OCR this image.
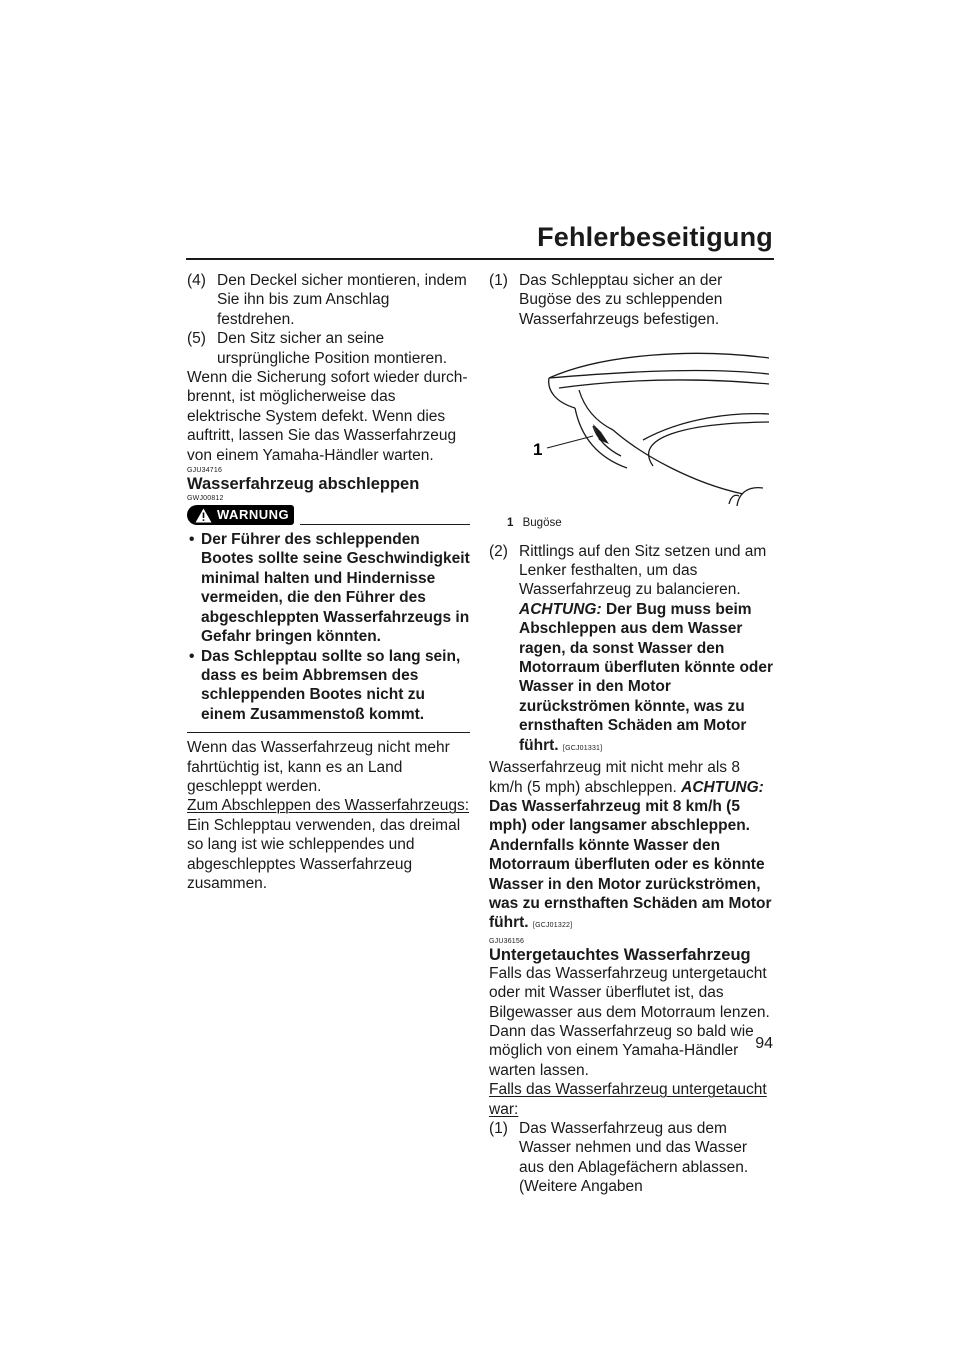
Fehlerbeseitigung
(4) Den Deckel sicher montieren, indem Sie ihn bis zum Anschlag festdrehen.
(5) Den Sitz sicher an seine ursprüngliche Position montieren.

Wenn die Sicherung sofort wieder durchbrennt, ist möglicherweise das elektrische System defekt. Wenn dies auftritt, lassen Sie das Wasserfahrzeug von einem Yamaha-Händler warten.

GJU34716
Wasserfahrzeug abschleppen
GWJ00812
WARNUNG
• Der Führer des schleppenden Bootes sollte seine Geschwindigkeit minimal halten und Hindernisse vermeiden, die den Führer des abgeschleppten Wasserfahrzeugs in Gefahr bringen könnten.
• Das Schlepptau sollte so lang sein, dass es beim Abbremsen des schleppenden Bootes nicht zu einem Zusammenstoß kommt.

Wenn das Wasserfahrzeug nicht mehr fahrtüchtig ist, kann es an Land geschleppt werden.

Zum Abschleppen des Wasserfahrzeugs:

Ein Schlepptau verwenden, das dreimal so lang ist wie schleppendes und abgeschlepptes Wasserfahrzeug zusammen.

(1) Das Schlepptau sicher an der Bugöse des zu schleppenden Wasserfahrzeugs befestigen.
1
1 Bugöse
(2) Rittlings auf den Sitz setzen und am Lenker festhalten, um das Wasserfahrzeug zu balancieren. ACHTUNG: Der Bug muss beim Abschleppen aus dem Wasser ragen, da sonst Wasser den Motorraum überfluten könnte oder Wasser in den Motor zurückströmen könnte, was zu ernsthaften Schäden am Motor führt. [GCJ01331]

Wasserfahrzeug mit nicht mehr als 8 km/h (5 mph) abschleppen. ACHTUNG: Das Wasserfahrzeug mit 8 km/h (5 mph) oder langsamer abschleppen. Andernfalls könnte Wasser den Motorraum überfluten oder es könnte Wasser in den Motor zurückströmen, was zu ernsthaften Schäden am Motor führt. [GCJ01322]

GJU36156
Untergetauchtes Wasserfahrzeug

Falls das Wasserfahrzeug untergetaucht oder mit Wasser überflutet ist, das Bilgewasser aus dem Motorraum lenzen. Dann das Wasserfahrzeug so bald wie möglich von einem Yamaha-Händler warten lassen.

Falls das Wasserfahrzeug untergetaucht war:

(1) Das Wasserfahrzeug aus dem Wasser nehmen und das Wasser aus den Ablagefächern ablassen. (Weitere Angaben
94
